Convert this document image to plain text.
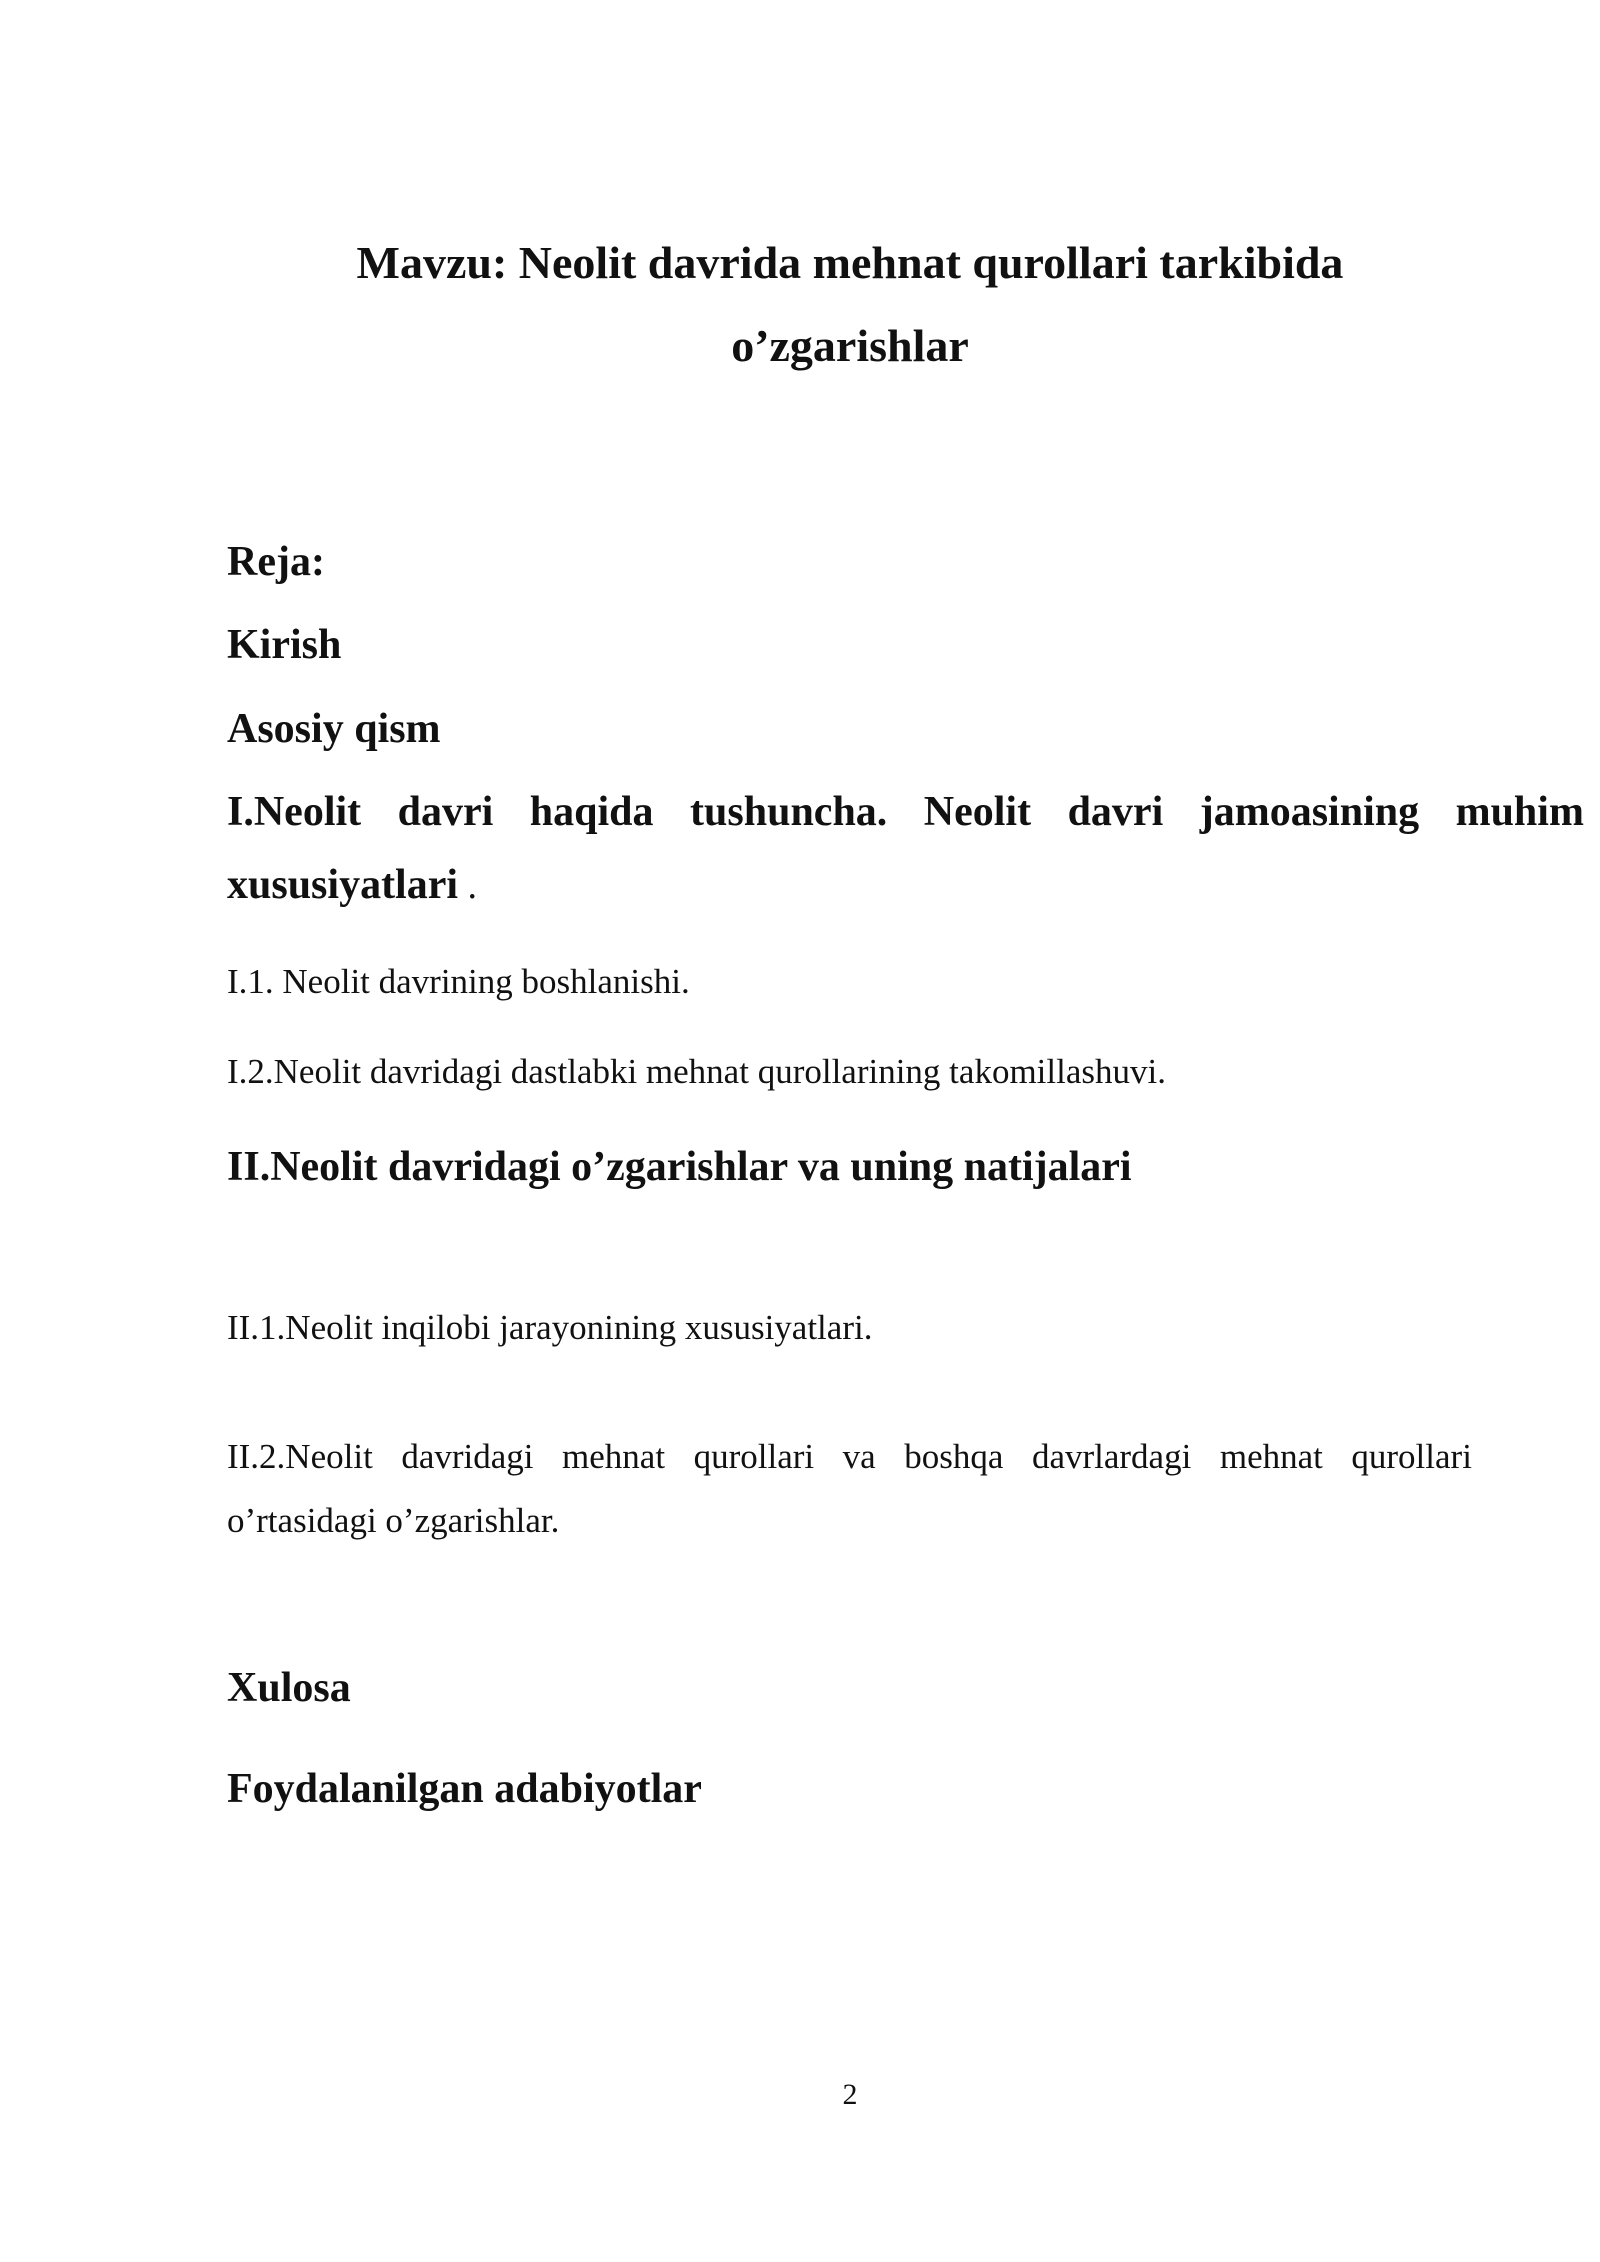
Mavzu: Neolit davrida mehnat qurollari tarkibida
o’zgarishlar
Reja:
Kirish
Asosiy qism
I.Neolit davri haqida tushuncha. Neolit davri jamoasining muhim
xususiyatlari .
I.1. Neolit davrining boshlanishi.
I.2.Neolit davridagi dastlabki mehnat qurollarining takomillashuvi.
II.Neolit davridagi o’zgarishlar va uning natijalari
II.1.Neolit inqilobi jarayonining xususiyatlari.
II.2.Neolit davridagi mehnat qurollari va boshqa davrlardagi mehnat qurollari
o’rtasidagi o’zgarishlar.
Xulosa
Foydalanilgan adabiyotlar
2
